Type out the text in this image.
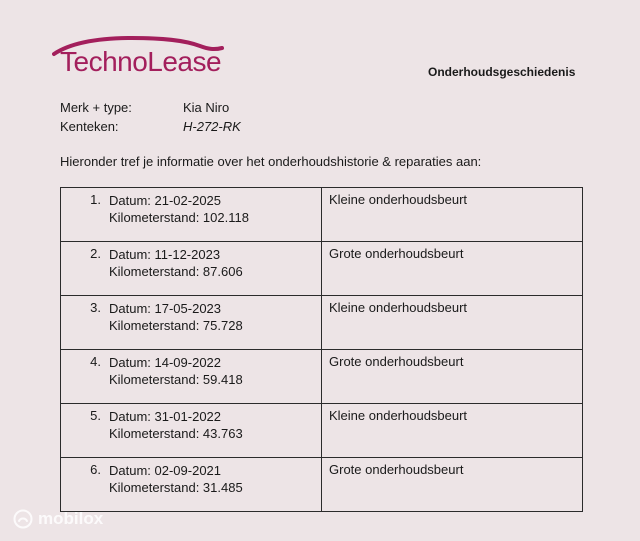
TechnoLease	Onderhoudsgeschiedenis
Merk + type:	Kia Niro
Kenteken:	H-272-RK
Hieronder tref je informatie over het onderhoudshistorie & reparaties aan:
1. Datum: 21-02-2025
Kilometerstand: 102.118	Kleine onderhoudsbeurt

2. Datum: 11-12-2023
Kilometerstand: 87.606	Grote onderhoudsbeurt

3. Datum: 17-05-2023
Kilometerstand: 75.728	Kleine onderhoudsbeurt

4. Datum: 14-09-2022
Kilometerstand: 59.418	Grote onderhoudsbeurt

5. Datum: 31-01-2022
Kilometerstand: 43.763	Kleine onderhoudsbeurt

6. Datum: 02-09-2021
Kilometerstand: 31.485	Grote onderhoudsbeurt
mobilox
